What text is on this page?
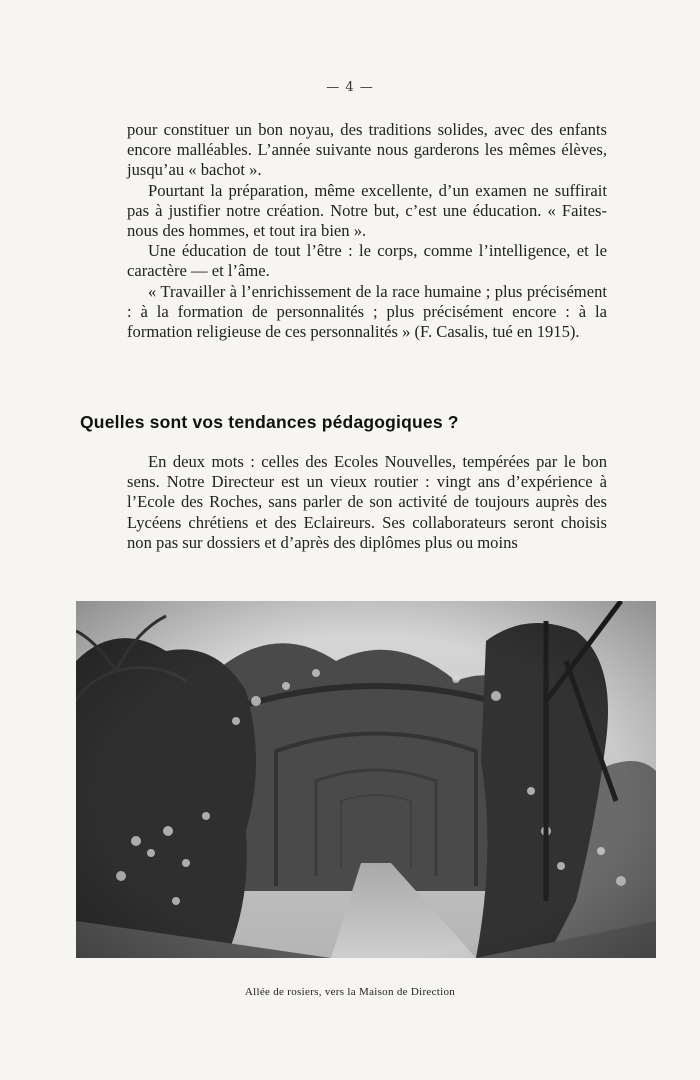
— 4 —

pour constituer un bon noyau, des traditions solides, avec des enfants encore malléables. L’année suivante nous garderons les mêmes élèves, jusqu’au « bachot ».

Pourtant la préparation, même excellente, d’un examen ne suffirait pas à justifier notre création. Notre but, c’est une éducation. « Faites-nous des hommes, et tout ira bien ».

Une éducation de tout l’être : le corps, comme l’intelligence, et le caractère — et l’âme.

« Travailler à l’enrichissement de la race humaine ; plus précisément : à la formation de personnalités ; plus précisément encore : à la formation religieuse de ces personnalités » (F. Casalis, tué en 1915).

Quelles sont vos tendances pédagogiques ?

En deux mots : celles des Ecoles Nouvelles, tempérées par le bon sens. Notre Directeur est un vieux routier : vingt ans d’expérience à l’Ecole des Roches, sans parler de son activité de toujours auprès des Lycéens chrétiens et des Eclaireurs. Ses collaborateurs seront choisis non pas sur dossiers et d’après des diplômes plus ou moins

Allée de rosiers, vers la Maison de Direction
